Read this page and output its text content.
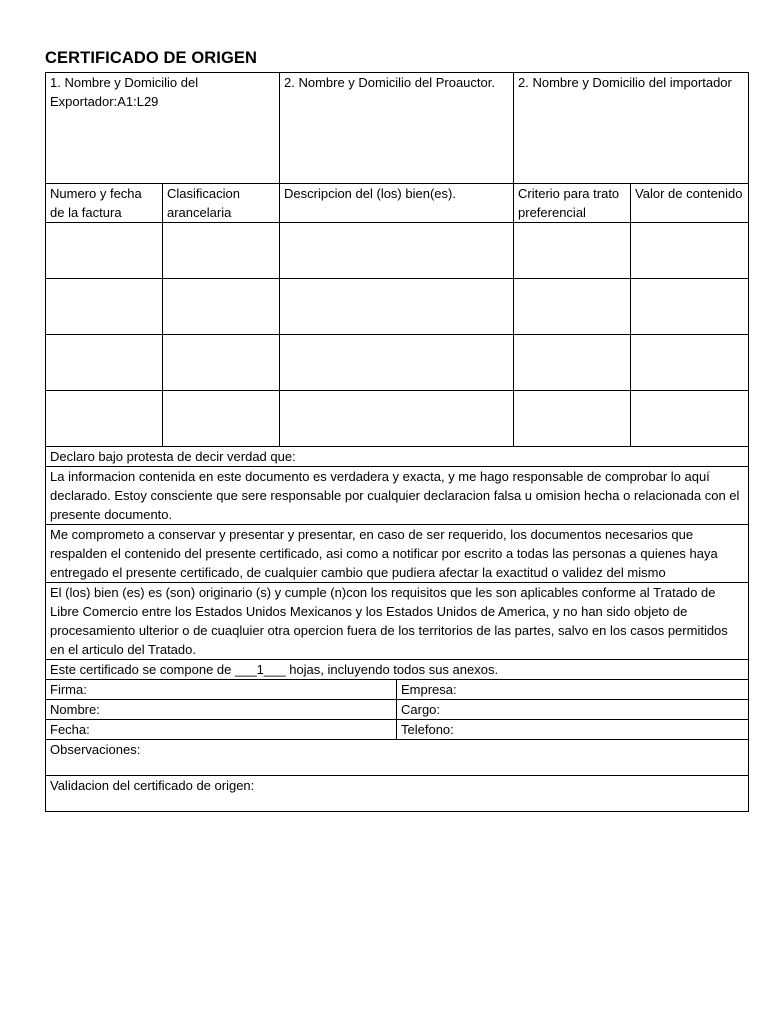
CERTIFICADO DE ORIGEN
1. Nombre y Domicilio del Exportador:A1:L29		2. Nombre y Domicilio del Proauctor.	2. Nombre y Domicilio del importador	
Numero y fecha de la factura	Clasificacion arancelaria	Descripcion del (los) bien(es).	Criterio para trato preferencial	Valor de contenido

Declaro bajo protesta de decir verdad que:				
La informacion contenida en este documento es verdadera y exacta, y me hago responsable de comprobar lo aquí declarado. Estoy consciente que sere responsable por cualquier declaracion falsa u omision hecha o relacionada con el presente documento.				
Me comprometo a conservar y presentar y presentar, en caso de ser requerido, los documentos necesarios que respalden el contenido del presente certificado, asi como a notificar por escrito a todas las personas a quienes haya entregado el presente certificado, de cualquier cambio que pudiera afectar la exactitud o validez del mismo				
El (los) bien (es) es (son) originario (s) y cumple (n)con los requisitos que les son aplicables conforme al Tratado de Libre Comercio entre los Estados Unidos Mexicanos y los Estados Unidos de America, y no han sido objeto de procesamiento ulterior o de cuaqluier otra opercion fuera de los territorios de las partes, salvo en los casos permitidos en el articulo del Tratado.				
Este certificado se compone de ___1___ hojas, incluyendo todos sus anexos.				
Firma:	Empresa:
Nombre:	Cargo:
Fecha:	Telefono:
Observaciones:	
Validacion del certificado de origen:	
